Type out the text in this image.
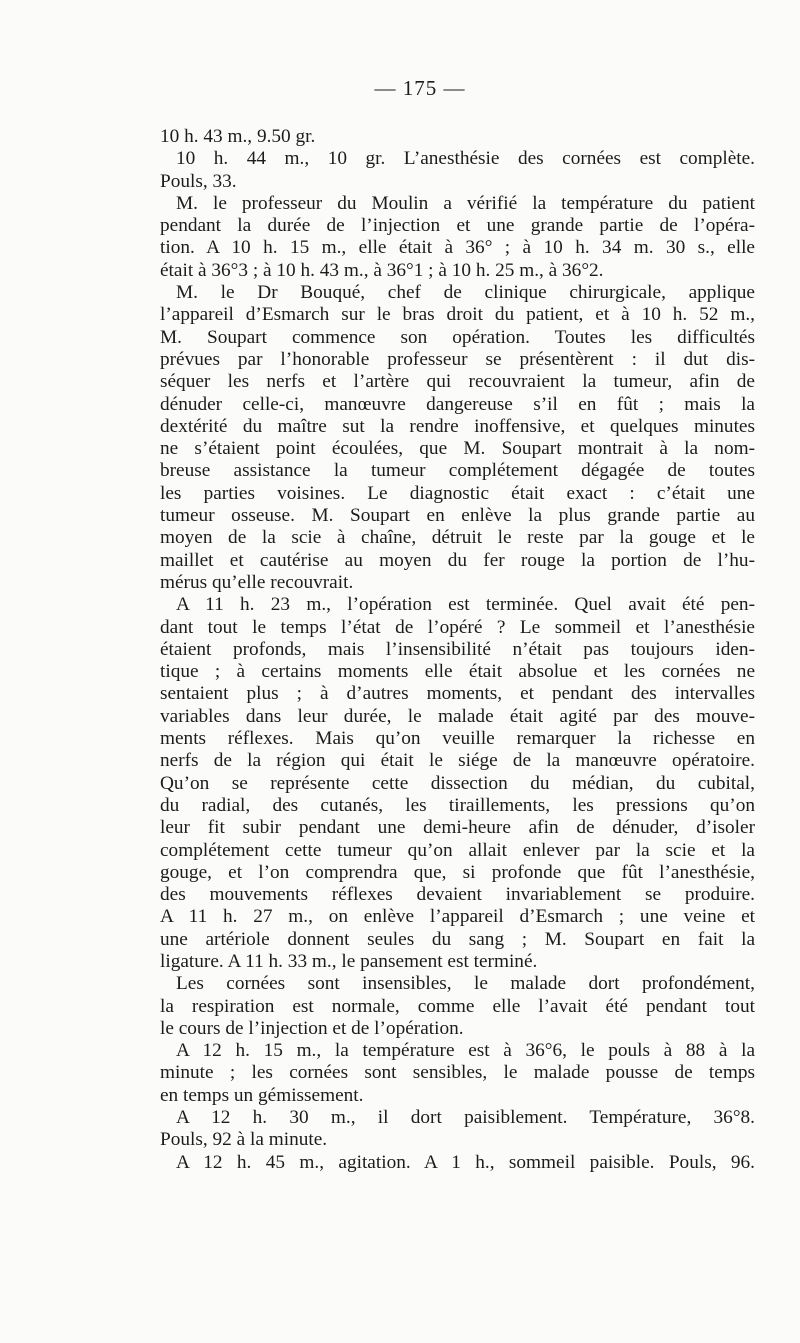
— 175 —
10 h. 43 m., 9.50 gr.
10 h. 44 m., 10 gr. L’anesthésie des cornées est complète.
Pouls, 33.
M. le professeur du Moulin a vérifié la température du patient
pendant la durée de l’injection et une grande partie de l’opéra-
tion. A 10 h. 15 m., elle était à 36° ; à 10 h. 34 m. 30 s., elle
était à 36°3 ; à 10 h. 43 m., à 36°1 ; à 10 h. 25 m., à 36°2.
M. le Dr Bouqué, chef de clinique chirurgicale, applique
l’appareil d’Esmarch sur le bras droit du patient, et à 10 h. 52 m.,
M. Soupart commence son opération. Toutes les difficultés
prévues par l’honorable professeur se présentèrent : il dut dis-
séquer les nerfs et l’artère qui recouvraient la tumeur, afin de
dénuder celle-ci, manœuvre dangereuse s’il en fût ; mais la
dextérité du maître sut la rendre inoffensive, et quelques minutes
ne s’étaient point écoulées, que M. Soupart montrait à la nom-
breuse assistance la tumeur complétement dégagée de toutes
les parties voisines. Le diagnostic était exact : c’était une
tumeur osseuse. M. Soupart en enlève la plus grande partie au
moyen de la scie à chaîne, détruit le reste par la gouge et le
maillet et cautérise au moyen du fer rouge la portion de l’hu-
mérus qu’elle recouvrait.
A 11 h. 23 m., l’opération est terminée. Quel avait été pen-
dant tout le temps l’état de l’opéré ? Le sommeil et l’anesthésie
étaient profonds, mais l’insensibilité n’était pas toujours iden-
tique ; à certains moments elle était absolue et les cornées ne
sentaient plus ; à d’autres moments, et pendant des intervalles
variables dans leur durée, le malade était agité par des mouve-
ments réflexes. Mais qu’on veuille remarquer la richesse en
nerfs de la région qui était le siége de la manœuvre opératoire.
Qu’on se représente cette dissection du médian, du cubital,
du radial, des cutanés, les tiraillements, les pressions qu’on
leur fit subir pendant une demi-heure afin de dénuder, d’isoler
complétement cette tumeur qu’on allait enlever par la scie et la
gouge, et l’on comprendra que, si profonde que fût l’anesthésie,
des mouvements réflexes devaient invariablement se produire.
A 11 h. 27 m., on enlève l’appareil d’Esmarch ; une veine et
une artériole donnent seules du sang ; M. Soupart en fait la
ligature. A 11 h. 33 m., le pansement est terminé.
Les cornées sont insensibles, le malade dort profondément,
la respiration est normale, comme elle l’avait été pendant tout
le cours de l’injection et de l’opération.
A 12 h. 15 m., la température est à 36°6, le pouls à 88 à la
minute ; les cornées sont sensibles, le malade pousse de temps
en temps un gémissement.
A 12 h. 30 m., il dort paisiblement. Température, 36°8.
Pouls, 92 à la minute.
A 12 h. 45 m., agitation. A 1 h., sommeil paisible. Pouls, 96.
